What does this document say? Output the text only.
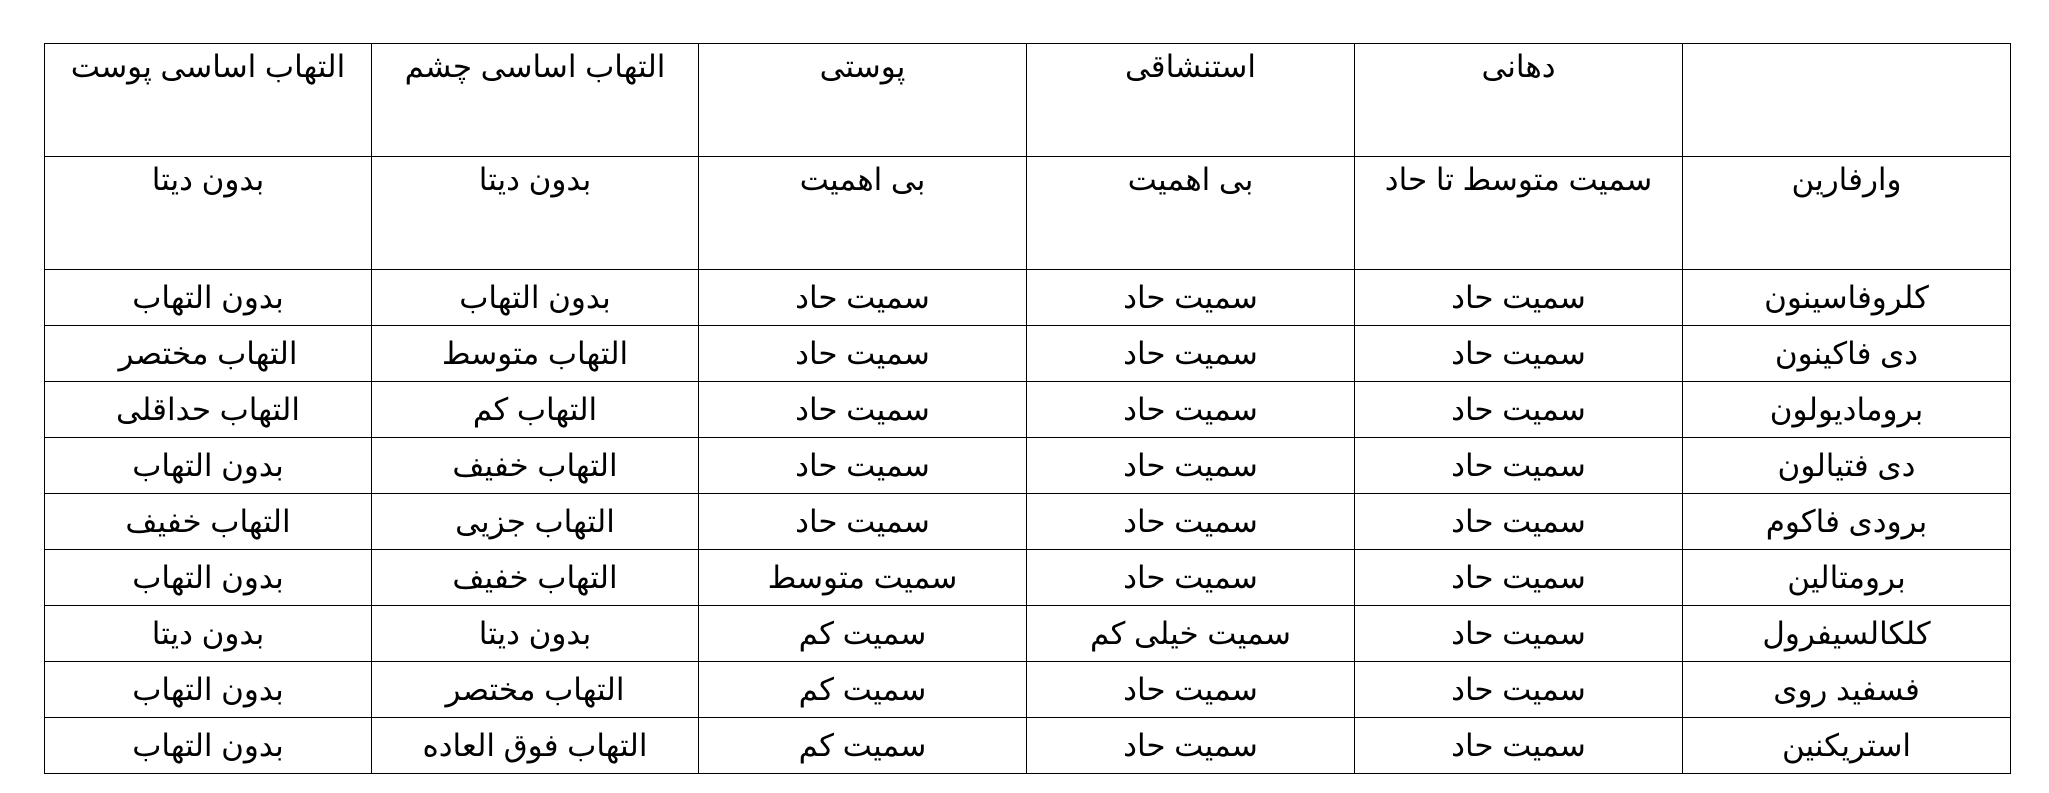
	دهانی	استنشاقی	پوستی	التهاب اساسی چشم	التهاب اساسی پوست
وارفارین	سمیت متوسط تا حاد	بی اهمیت	بی اهمیت	بدون دیتا	بدون دیتا
کلروفاسینون	سمیت حاد	سمیت حاد	سمیت حاد	بدون التهاب	بدون التهاب
دی فاکینون	سمیت حاد	سمیت حاد	سمیت حاد	التهاب متوسط	التهاب مختصر
برومادیولون	سمیت حاد	سمیت حاد	سمیت حاد	التهاب کم	التهاب حداقلی
دی فتیالون	سمیت حاد	سمیت حاد	سمیت حاد	التهاب خفیف	بدون التهاب
برودی فاکوم	سمیت حاد	سمیت حاد	سمیت حاد	التهاب جزیی	التهاب خفیف
برومتالین	سمیت حاد	سمیت حاد	سمیت متوسط	التهاب خفیف	بدون التهاب
کلکالسیفرول	سمیت حاد	سمیت خیلی کم	سمیت کم	بدون دیتا	بدون دیتا
فسفید روی	سمیت حاد	سمیت حاد	سمیت کم	التهاب مختصر	بدون التهاب
استریکنین	سمیت حاد	سمیت حاد	سمیت کم	التهاب فوق العاده	بدون التهاب
